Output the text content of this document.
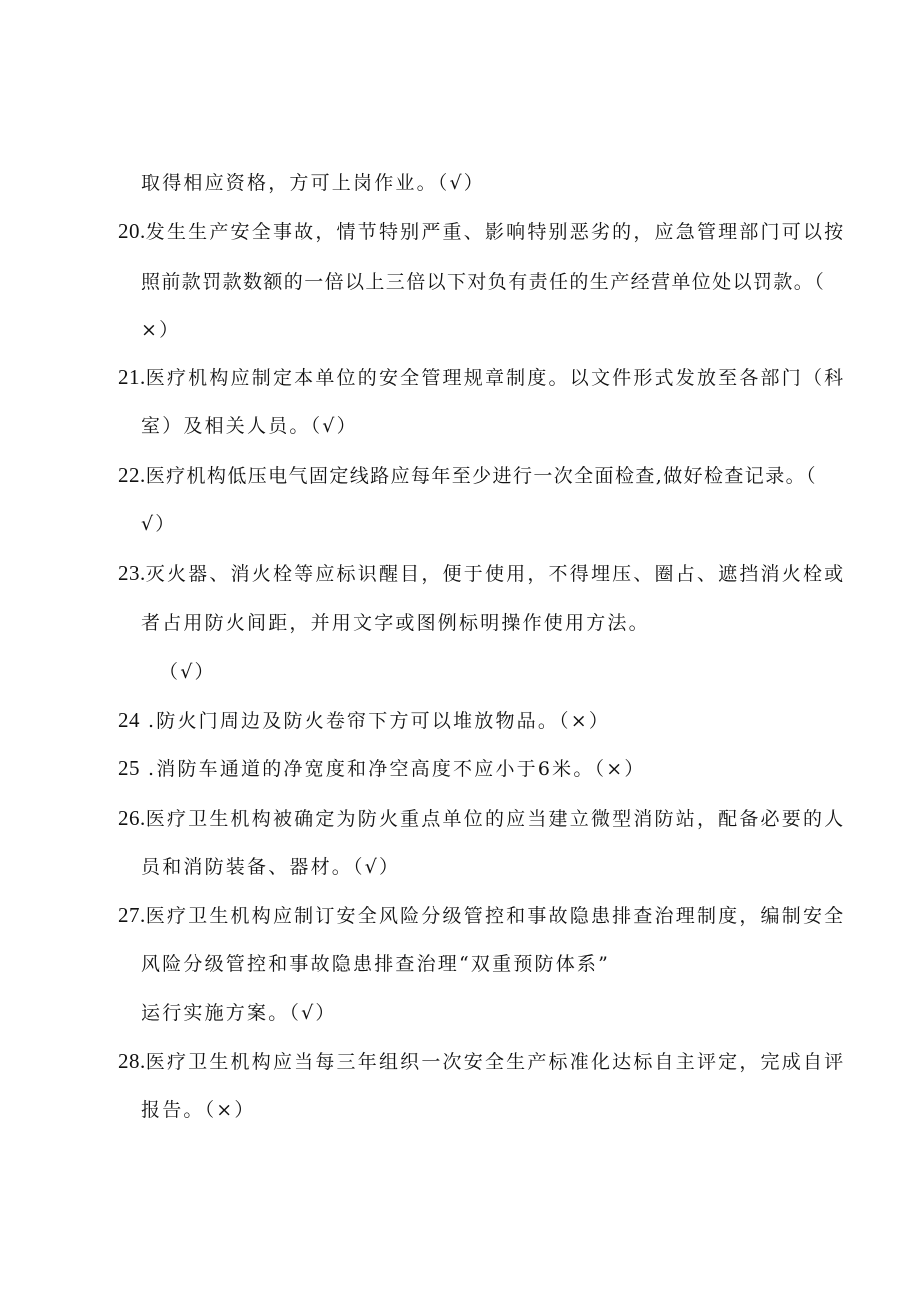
取得相应资格，方可上岗作业。（√）
20.发生生产安全事故，情节特别严重、影响特别恶劣的，应急管理部门可以按
照前款罚款数额的一倍以上三倍以下对负有责任的生产经营单位处以罚款。（
×）
21.医疗机构应制定本单位的安全管理规章制度。以文件形式发放至各部门（科
室）及相关人员。（√）
22.医疗机构低压电气固定线路应每年至少进行一次全面检查,做好检查记录。（
√）
23.灭火器、消火栓等应标识醒目，便于使用，不得埋压、圈占、遮挡消火栓或
者占用防火间距，并用文字或图例标明操作使用方法。
（√）
24 .防火门周边及防火卷帘下方可以堆放物品。（×）
25 .消防车通道的净宽度和净空高度不应小于6米。（×）
26.医疗卫生机构被确定为防火重点单位的应当建立微型消防站，配备必要的人
员和消防装备、器材。（√）
27.医疗卫生机构应制订安全风险分级管控和事故隐患排查治理制度，编制安全
风险分级管控和事故隐患排查治理“双重预防体系”
运行实施方案。（√）
28.医疗卫生机构应当每三年组织一次安全生产标准化达标自主评定，完成自评
报告。（×）
